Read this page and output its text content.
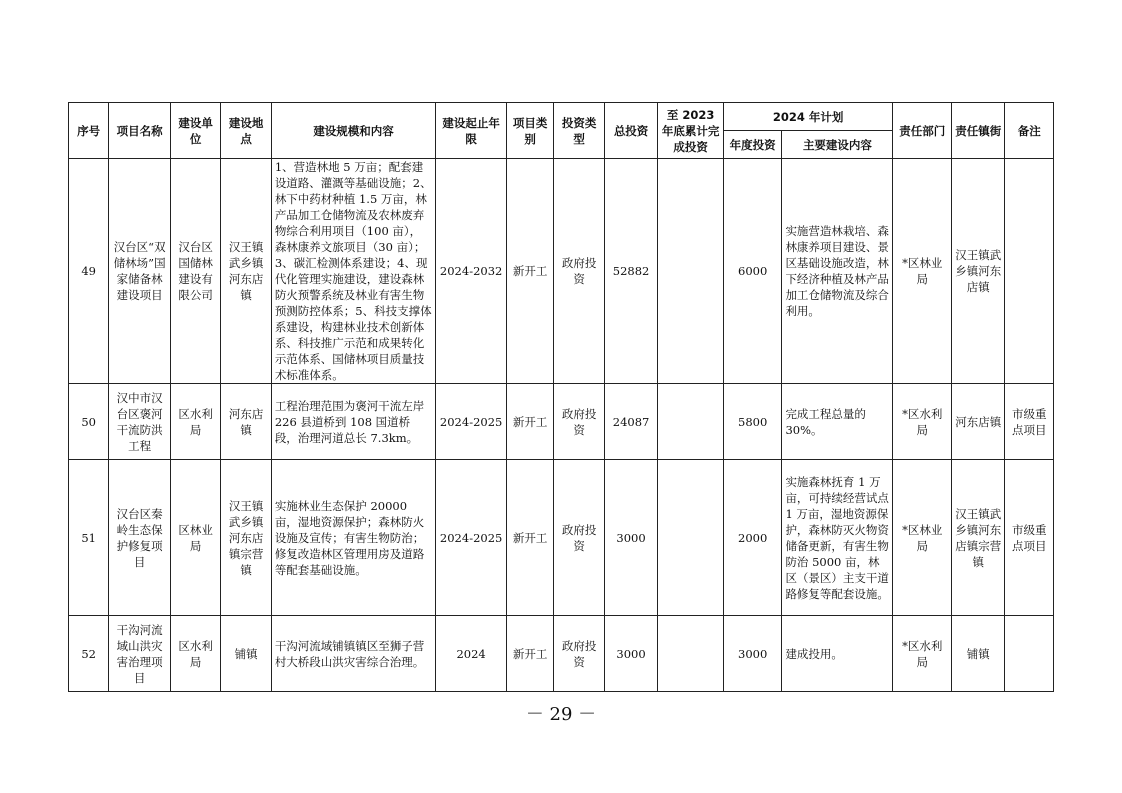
序号	项目名称	建设单位	建设地点	建设规模和内容	建设起止年限	项目类别	投资类型	总投资	至 2023 年底累计完成投资	2024 年计划		责任部门	责任镇街	备注
										年度投资	主要建设内容			
49	汉台区“双储林场”国家储备林建设项目	汉台区国储林建设有限公司	汉王镇武乡镇河东店镇	1、营造林地 5 万亩；配套建设道路、灌溉等基础设施；2、林下中药材种植 1.5 万亩，林产品加工仓储物流及农林废弃物综合利用项目（100 亩），森林康养文旅项目（30 亩）；3、碳汇检测体系建设；4、现代化管理实施建设，建设森林防火预警系统及林业有害生物预测防控体系；5、科技支撑体系建设，构建林业技术创新体系、科技推广示范和成果转化示范体系、国储林项目质量技术标准体系。	2024-2032	新开工	政府投资	52882		6000	实施营造林栽培、森林康养项目建设、景区基础设施改造，林下经济种植及林产品加工仓储物流及综合利用。	*区林业局	汉王镇武乡镇河东店镇	
50	汉中市汉台区褒河干流防洪工程	区水利局	河东店镇	工程治理范围为褒河干流左岸226 县道桥到 108 国道桥段，治理河道总长 7.3km。	2024-2025	新开工	政府投资	24087		5800	完成工程总量的30%。	*区水利局	河东店镇	市级重点项目
51	汉台区秦岭生态保护修复项目	区林业局	汉王镇武乡镇河东店镇宗营镇	实施林业生态保护 20000 亩，湿地资源保护；森林防火设施及宣传；有害生物防治；修复改造林区管理用房及道路等配套基础设施。	2024-2025	新开工	政府投资	3000		2000	实施森林抚育 1 万亩，可持续经营试点1 万亩，湿地资源保护，森林防灭火物资储备更新，有害生物防治 5000 亩，林区（景区）主支干道路修复等配套设施。	*区林业局	汉王镇武乡镇河东店镇宗营镇	市级重点项目
52	干沟河流域山洪灾害治理项目	区水利局	铺镇	干沟河流域铺镇镇区至狮子营村大桥段山洪灾害综合治理。	2024	新开工	政府投资	3000		3000	建成投用。	*区水利局	铺镇	
－ 29 －
